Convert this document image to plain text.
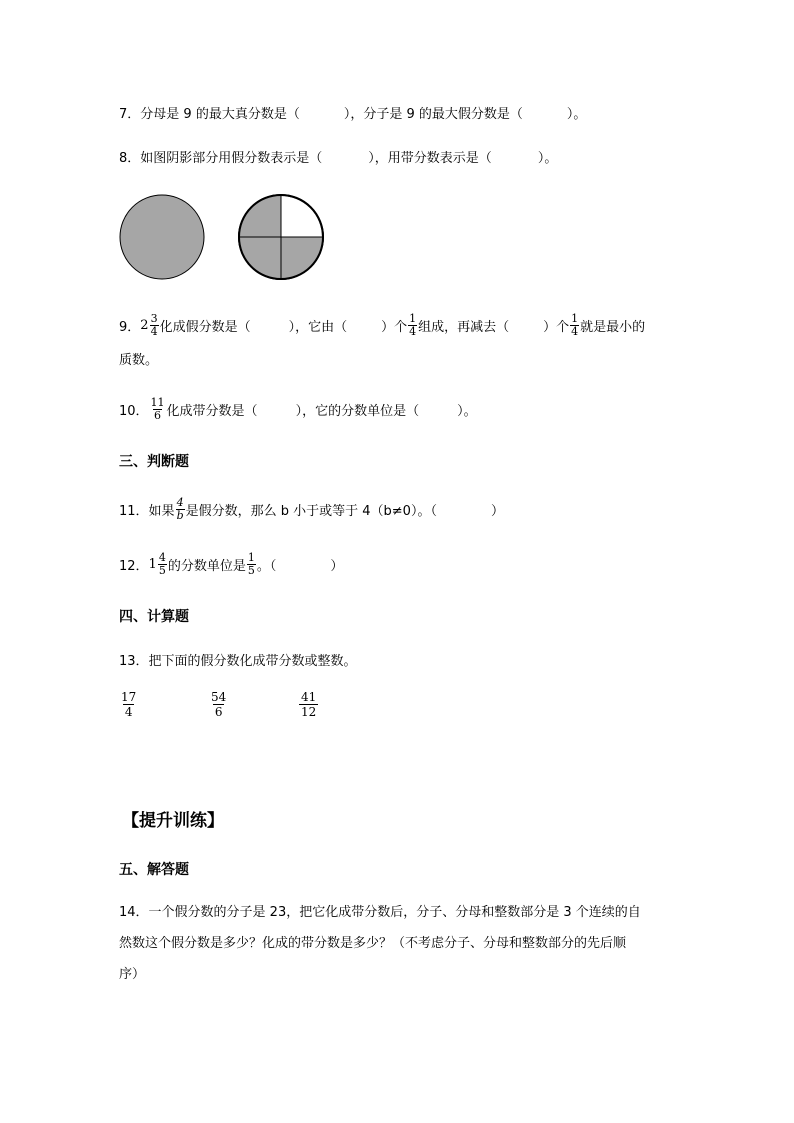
7． 分母是 9 的最大真分数是（	），分子是 9 的最大假分数是（	）。
8． 如图阴影部分用假分数表示是（	），用带分数表示是（	）。
9． $2 \frac{3}{4}$ 化成假分数是（	），它由（	）个 $\frac{1}{4}$ 组成，再减去（	）个 $\frac{1}{4}$ 就是最小的
质数。
10． $\frac{11}{6}$ 化成带分数是（	），它的分数单位是（	）。
三、判断题
11． 如果 $\frac{4}{b}$ 是假分数，那么 b 小于或等于 4（b≠0）。（	）
12． $1 \frac{4}{5}$ 的分数单位是 $\frac{1}{5}$ 。（	）
四、计算题
13．把下面的假分数化成带分数或整数。
$\frac{17}{4}$	$\frac{54}{6}$	$\frac{41}{12}$
【提升训练】
五、解答题
14．一个假分数的分子是 23，把它化成带分数后，分子、分母和整数部分是 3 个连续的自
然数这个假分数是多少？化成的带分数是多少？（不考虑分子、分母和整数部分的先后顺
序）
